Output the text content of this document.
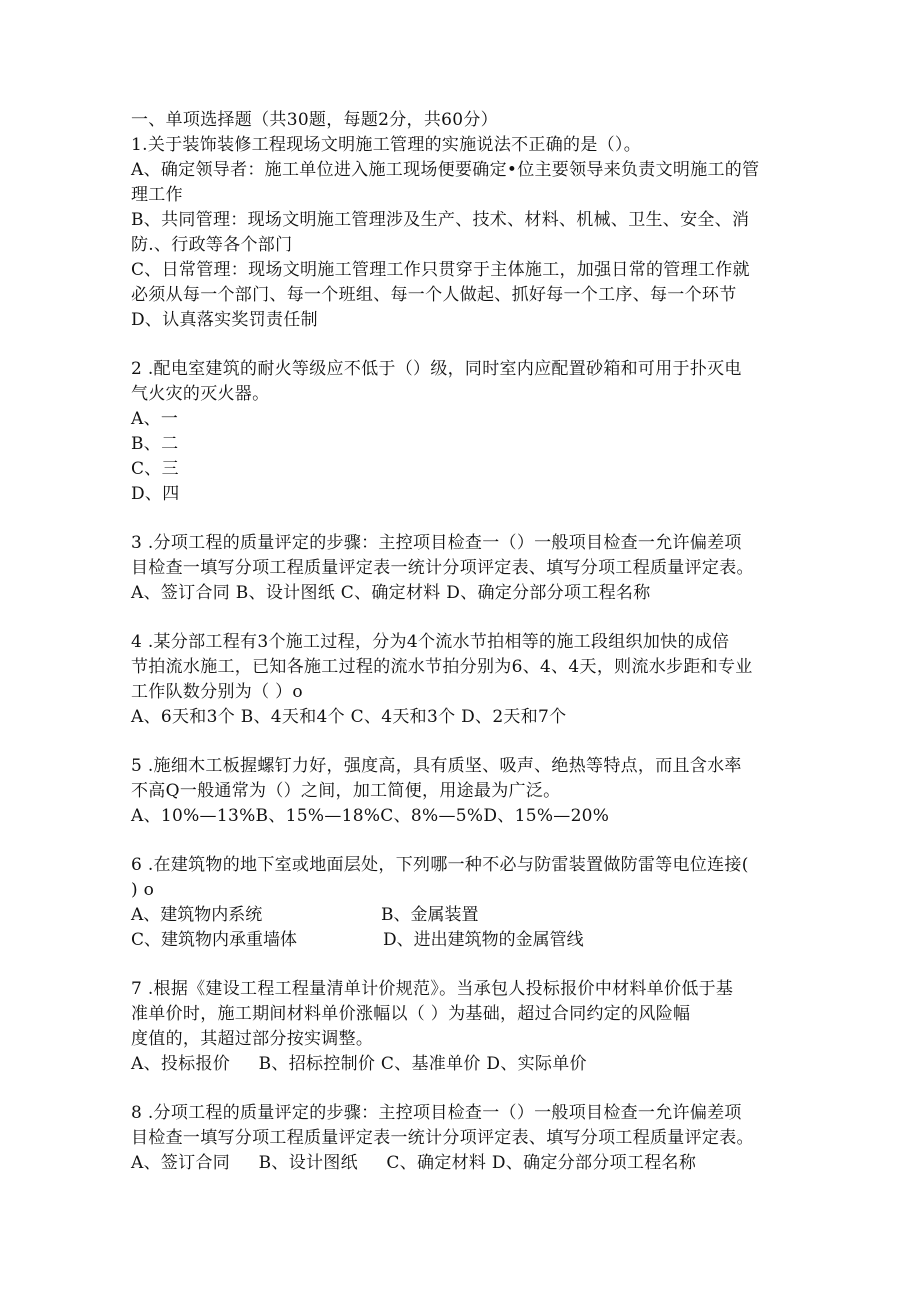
一、单项选择题（共30题，每题2分，共60分）
1.关于装饰装修工程现场文明施工管理的实施说法不正确的是（）。
A、确定领导者：施工单位进入施工现场便要确定•位主要领导来负责文明施工的管
理工作
B、共同管理：现场文明施工管理涉及生产、技术、材料、机械、卫生、安全、消
防.、行政等各个部门
C、日常管理：现场文明施工管理工作只贯穿于主体施工，加强日常的管理工作就
必须从每一个部门、每一个班组、每一个人做起、抓好每一个工序、每一个环节
D、认真落实奖罚责任制
2 .配电室建筑的耐火等级应不低于（）级，同时室内应配置砂箱和可用于扑灭电
气火灾的灭火器。
A、一
B、二
C、三
D、四
3 .分项工程的质量评定的步骤：主控项目检查一（）一般项目检查一允许偏差项
目检查一填写分项工程质量评定表一统计分项评定表、填写分项工程质量评定表。
A、签订合同 B、设计图纸 C、确定材料 D、确定分部分项工程名称
4 .某分部工程有3个施工过程，分为4个流水节拍相等的施工段组织加快的成倍
节拍流水施工，已知各施工过程的流水节拍分别为6、4、4天，则流水步距和专业
工作队数分别为（ ）o
A、6天和3个 B、4天和4个 C、4天和3个 D、2天和7个
5 .施细木工板握螺钉力好，强度高，具有质坚、吸声、绝热等特点，而且含水率
不高Q一般通常为（）之间，加工简便，用途最为广泛。
A、10%—13%B、15%—18%C、8%—5%D、15%—20%
6 .在建筑物的地下室或地面层处，下列哪一种不必与防雷装置做防雷等电位连接(
) o
A、建筑物内系统	B、金属装置
C、建筑物内承重墙体	D、进出建筑物的金属管线
7 .根据《建设工程工程量清单计价规范》。当承包人投标报价中材料单价低于基
准单价时，施工期间材料单价涨幅以（ ）为基础，超过合同约定的风险幅
度值的，其超过部分按实调整。
A、投标报价     B、招标控制价 C、基准单价 D、实际单价
8 .分项工程的质量评定的步骤：主控项目检查一（）一般项目检查一允许偏差项
目检查一填写分项工程质量评定表一统计分项评定表、填写分项工程质量评定表。
A、签订合同     B、设计图纸     C、确定材料 D、确定分部分项工程名称
